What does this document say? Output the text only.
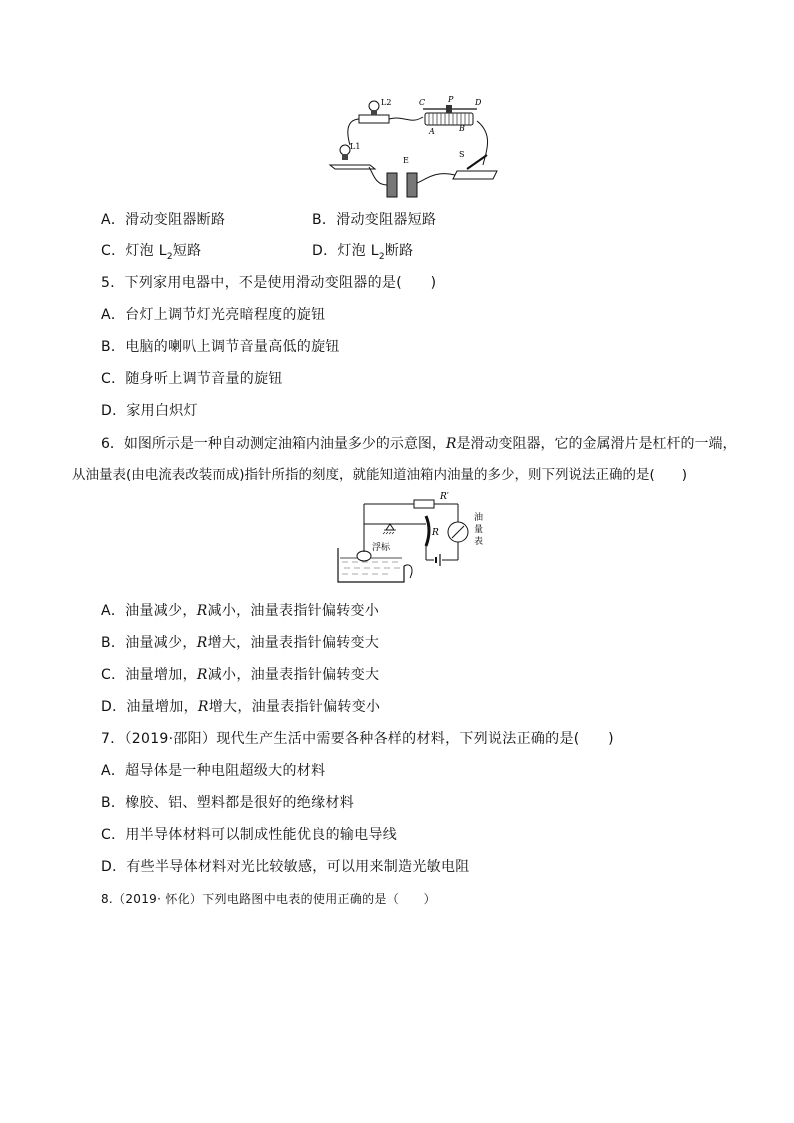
L2
L1
C	P	D
A	B
E
S
A．滑动变阻器断路	B．滑动变阻器短路
C．灯泡 $L_2$短路	D．灯泡 $L_2$断路
5．下列家用电器中，不是使用滑动变阻器的是(　　)
A．台灯上调节灯光亮暗程度的旋钮
B．电脑的喇叭上调节音量高低的旋钮
C．随身听上调节音量的旋钮
D．家用白炽灯
6．如图所示是一种自动测定油箱内油量多少的示意图，R是滑动变阻器，它的金属滑片是杠杆的一端，
从油量表(由电流表改装而成)指针所指的刻度，就能知道油箱内油量的多少，则下列说法正确的是(　　)
浮标
R
R′
油
量
表
A．油量减少，R减小，油量表指针偏转变小
B．油量减少，R增大，油量表指针偏转变大
C．油量增加，R减小，油量表指针偏转变大
D．油量增加，R增大，油量表指针偏转变小
7．（2019·邵阳）现代生产生活中需要各种各样的材料，下列说法正确的是(　　)
A．超导体是一种电阻超级大的材料
B．橡胶、铝、塑料都是很好的绝缘材料
C．用半导体材料可以制成性能优良的输电导线
D．有些半导体材料对光比较敏感，可以用来制造光敏电阻
8.（2019· 怀化）下列电路图中电表的使用正确的是（　　）
